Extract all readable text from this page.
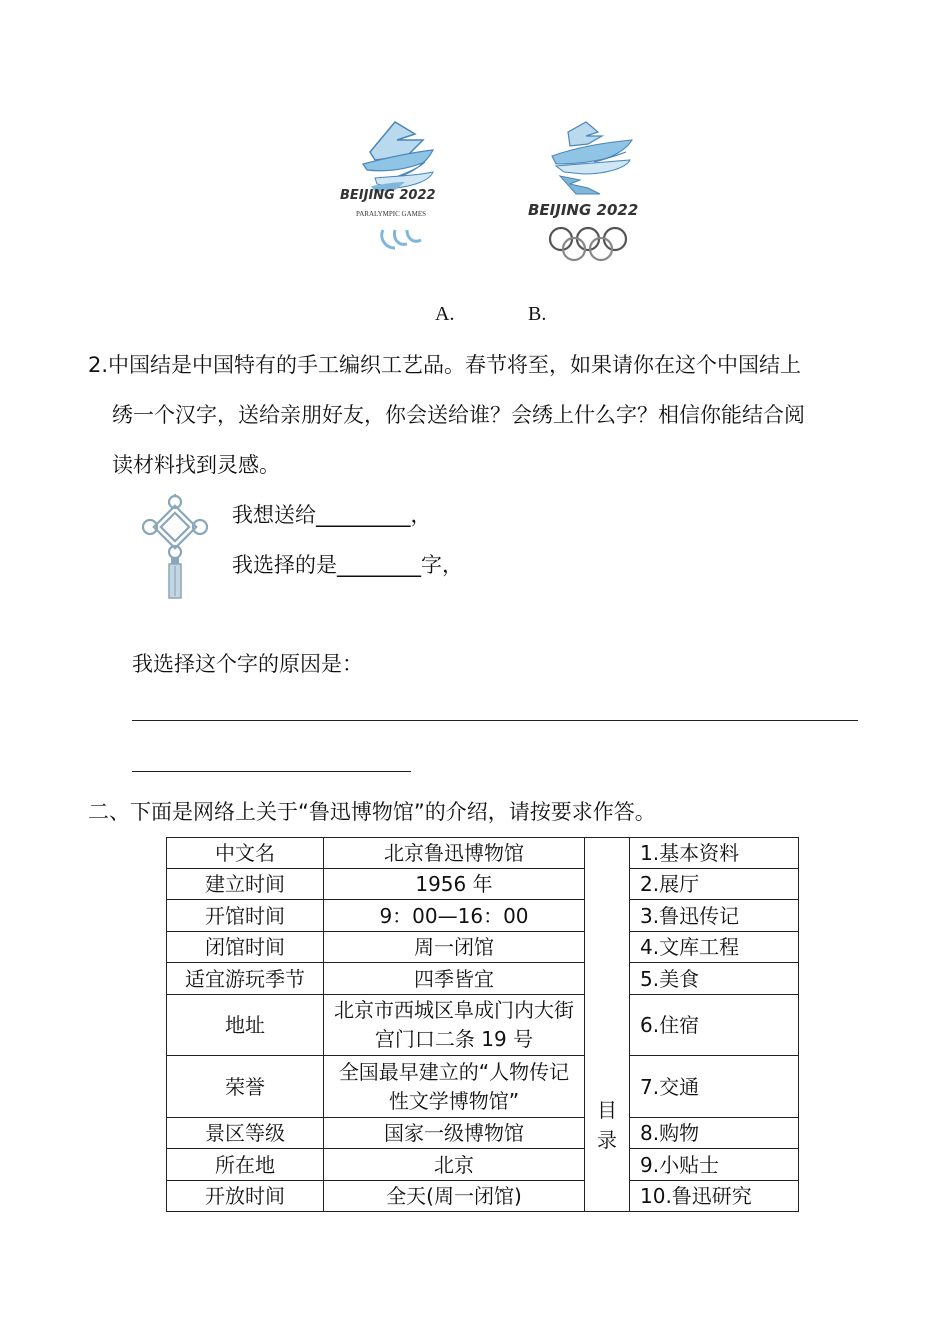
BEIJING 2022
PARALYMPIC GAMES	BEIJING 2022
A.	B.
2.中国结是中国特有的手工编织工艺品。春节将至，如果请你在这个中国结上
绣一个汉字，送给亲朋好友，你会送给谁？会绣上什么字？相信你能结合阅
读材料找到灵感。
我想送给_________，
我选择的是________字，
我选择这个字的原因是：
二、下面是网络上关于“鲁迅博物馆”的介绍，请按要求作答。
中文名	北京鲁迅博物馆	目录	1.基本资料
建立时间	1956 年		2.展厅
开馆时间	9：00—16：00		3.鲁迅传记
闭馆时间	周一闭馆		4.文库工程
适宜游玩季节	四季皆宜		5.美食
地址	北京市西城区阜成门内大街宫门口二条 19 号		6.住宿
荣誉	全国最早建立的“人物传记性文学博物馆”		7.交通
景区等级	国家一级博物馆		8.购物
所在地	北京		9.小贴士
开放时间	全天(周一闭馆)		10.鲁迅研究
